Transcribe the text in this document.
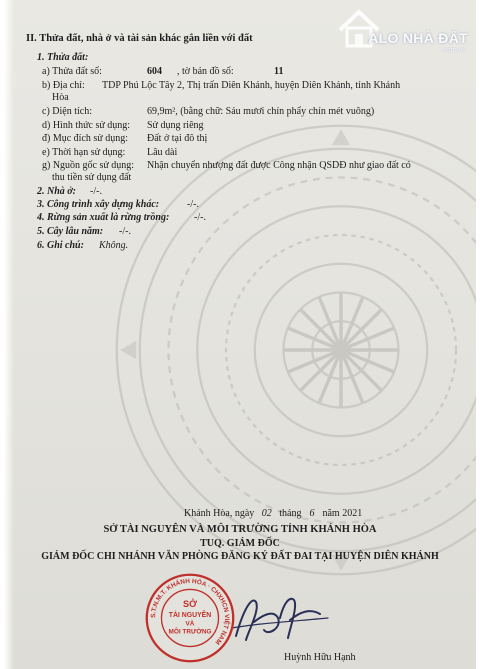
ALO NHÀ ĐẤT
.com.vn
II. Thửa đất, nhà ở và tài sản khác gắn liền với đất
1. Thửa đất:
a) Thửa đất số:	604 , tờ bản đồ số:	11
b) Địa chỉ: TDP Phú Lộc Tây 2, Thị trấn Diên Khánh, huyện Diên Khánh, tỉnh Khánh
Hòa
c) Diện tích:	69,9m², (bằng chữ: Sáu mươi chín phẩy chín mét vuông)
d) Hình thức sử dụng: Sử dụng riêng
đ) Mục đích sử dụng: Đất ở tại đô thị
e) Thời hạn sử dụng: Lâu dài
g) Nguồn gốc sử dụng: Nhận chuyển nhượng đất được Công nhận QSDĐ như giao đất có
thu tiền sử dụng đất
2. Nhà ở: -/-.
3. Công trình xây dựng khác:	-/-.
4. Rừng sản xuất là rừng trồng: -/-.
5. Cây lâu năm: -/-.
6. Ghi chú: Không.
Khánh Hòa, ngày 02 tháng 6 năm 2021
SỞ TÀI NGUYÊN VÀ MÔI TRƯỜNG TỈNH KHÁNH HÒA
TUQ. GIÁM ĐỐC
GIÁM ĐỐC CHI NHÁNH VĂN PHÒNG ĐĂNG KÝ ĐẤT ĐAI TẠI HUYỆN DIÊN KHÁNH
S.T.N.M.T. KHÁNH HÒA · CHXHCN VIỆT NAM
SỞ
TÀI NGUYÊN
VÀ
MÔI TRƯỜNG
Huỳnh Hữu Hạnh
